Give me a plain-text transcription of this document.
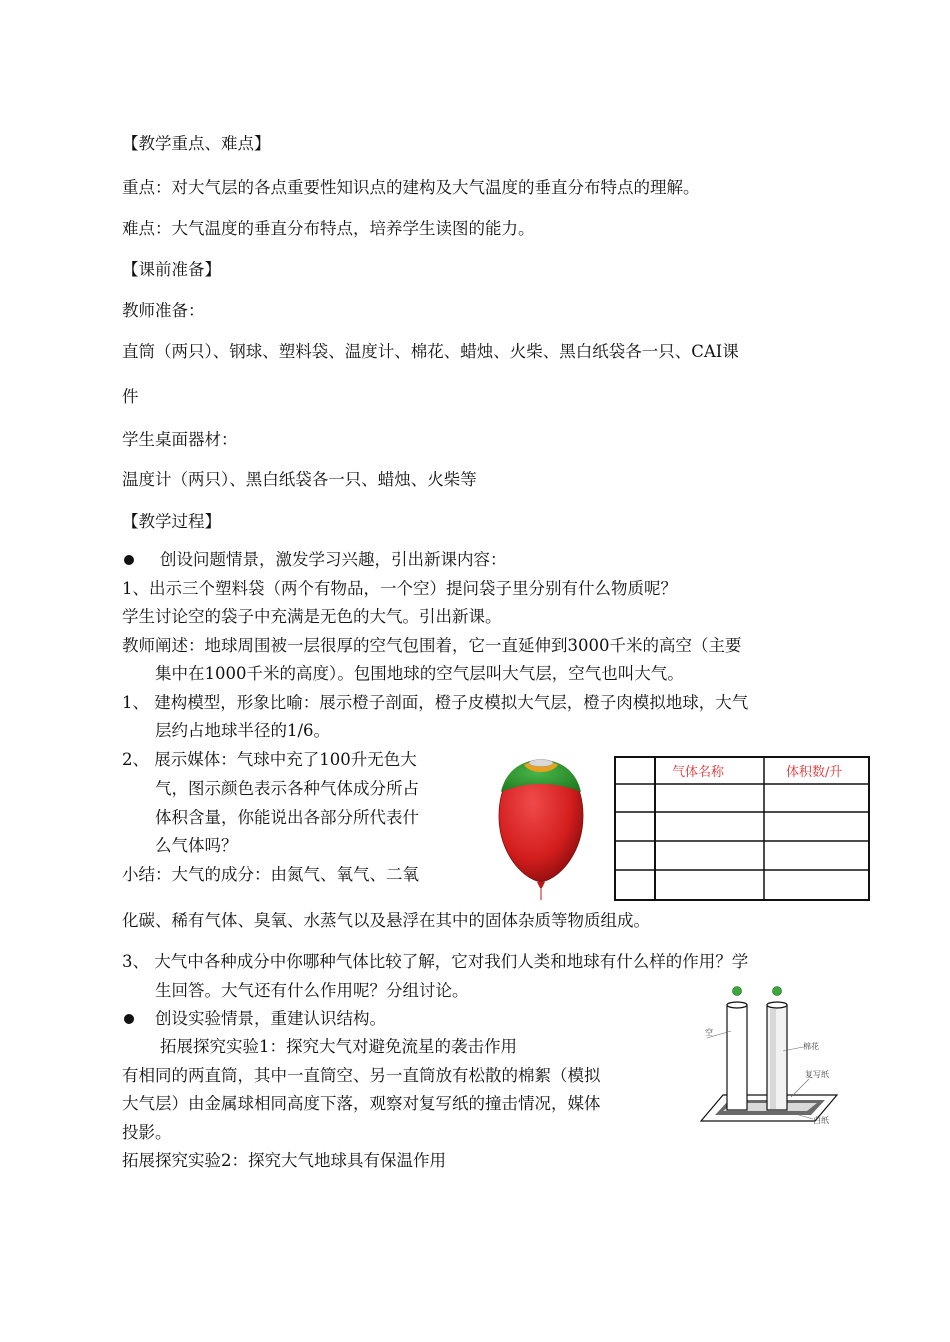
【教学重点、难点】
重点：对大气层的各点重要性知识点的建构及大气温度的垂直分布特点的理解。
难点：大气温度的垂直分布特点，培养学生读图的能力。
【课前准备】
教师准备：
直筒（两只）、钢球、塑料袋、温度计、棉花、蜡烛、火柴、黑白纸袋各一只、CAI课
件
学生桌面器材：
温度计（两只）、黑白纸袋各一只、蜡烛、火柴等
【教学过程】
创设问题情景，激发学习兴趣，引出新课内容：
1、出示三个塑料袋（两个有物品，一个空）提问袋子里分别有什么物质呢？
学生讨论空的袋子中充满是无色的大气。引出新课。
教师阐述：地球周围被一层很厚的空气包围着，它一直延伸到3000千米的高空（主要
集中在1000千米的高度）。包围地球的空气层叫大气层，空气也叫大气。
1、 建构模型，形象比喻：展示橙子剖面，橙子皮模拟大气层，橙子肉模拟地球，大气
层约占地球半径的1/6。
2、 展示媒体：气球中充了100升无色大
气，图示颜色表示各种气体成分所占
体积含量，你能说出各部分所代表什
么气体吗？
小结：大气的成分：由氮气、氧气、二氧
化碳、稀有气体、臭氧、水蒸气以及悬浮在其中的固体杂质等物质组成。
3、 大气中各种成分中你哪种气体比较了解，它对我们人类和地球有什么样的作用？学
生回答。大气还有什么作用呢？分组讨论。
创设实验情景，重建认识结构。
拓展探究实验1：探究大气对避免流星的袭击作用
有相同的两直筒，其中一直筒空、另一直筒放有松散的棉絮（模拟
大气层）由金属球相同高度下落，观察对复写纸的撞击情况，媒体
投影。
拓展探究实验2：探究大气地球具有保温作用
气体名称	体积数/升
空
棉花
复写纸
白纸
